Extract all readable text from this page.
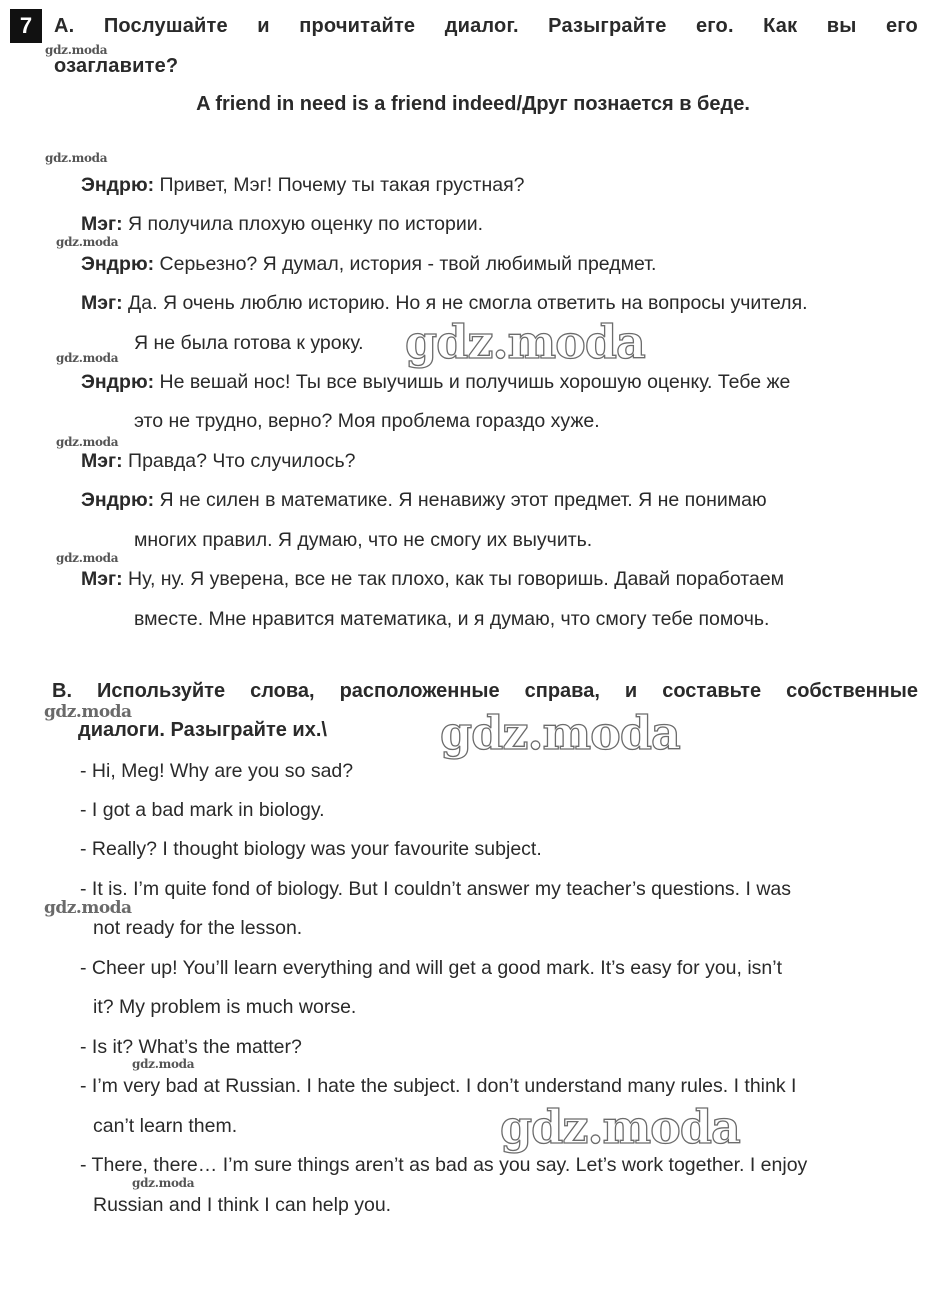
7	A. Послушайте и прочитайте диалог. Разыграйте его. Как вы его
озаглавите?
A friend in need is a friend indeed/Друг познается в беде.
Эндрю: Привет, Мэг! Почему ты такая грустная?
Мэг: Я получила плохую оценку по истории.
Эндрю: Серьезно? Я думал, история - твой любимый предмет.
Мэг: Да. Я очень люблю историю. Но я не смогла ответить на вопросы учителя.
Я не была готова к уроку.
Эндрю: Не вешай нос! Ты все выучишь и получишь хорошую оценку. Тебе же
это не трудно, верно? Моя проблема гораздо хуже.
Мэг: Правда? Что случилось?
Эндрю: Я не силен в математике. Я ненавижу этот предмет. Я не понимаю
многих правил. Я думаю, что не смогу их выучить.
Мэг: Ну, ну. Я уверена, все не так плохо, как ты говоришь. Давай поработаем
вместе. Мне нравится математика, и я думаю, что смогу тебе помочь.
B. Используйте слова, расположенные справа, и составьте собственные
диалоги. Разыграйте их.\
- Hi, Meg! Why are you so sad?
- I got a bad mark in biology.
- Really? I thought biology was your favourite subject.
- It is. I’m quite fond of biology. But I couldn’t answer my teacher’s questions. I was
not ready for the lesson.
- Cheer up! You’ll learn everything and will get a good mark. It’s easy for you, isn’t
it? My problem is much worse.
- Is it? What’s the matter?
- I’m very bad at Russian. I hate the subject. I don’t understand many rules. I think I
can’t learn them.
- There, there… I’m sure things aren’t as bad as you say. Let’s work together. I enjoy
Russian and I think I can help you.
gdz.moda
gdz.moda
gdz.moda
gdz.moda
gdz.moda
gdz.moda
gdz.moda
gdz.moda
gdz.moda
gdz.moda
gdz.moda
gdz.moda
gdz.moda
